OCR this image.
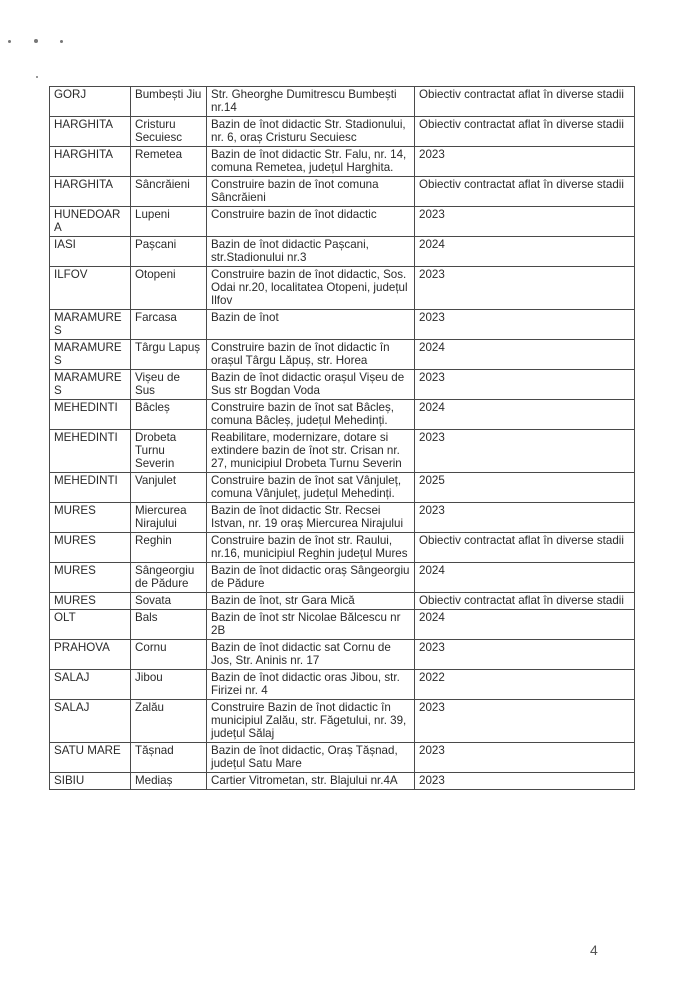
GORJ	Bumbești Jiu	Str. Gheorghe Dumitrescu Bumbești nr.14	Obiectiv contractat aflat în diverse stadii
HARGHITA	Cristuru Secuiesc	Bazin de înot didactic Str. Stadionului, nr. 6, oraș Cristuru Secuiesc	Obiectiv contractat aflat în diverse stadii
HARGHITA	Remetea	Bazin de înot didactic Str. Falu, nr. 14, comuna Remetea, județul Harghita.	2023
HARGHITA	Sâncrăieni	Construire bazin de înot comuna Sâncrăieni	Obiectiv contractat aflat în diverse stadii
HUNEDOARA	Lupeni	Construire bazin de înot didactic	2023
IASI	Pașcani	Bazin de înot didactic Pașcani, str.Stadionului nr.3	2024
ILFOV	Otopeni	Construire bazin de înot didactic, Sos. Odai nr.20, localitatea Otopeni, județul Ilfov	2023
MARAMURES	Farcasa	Bazin de înot	2023
MARAMURES	Târgu Lapuș	Construire bazin de înot didactic în orașul Târgu Lăpuș, str. Horea	2024
MARAMURES	Vișeu de Sus	Bazin de înot didactic orașul Vișeu de Sus str Bogdan Voda	2023
MEHEDINTI	Bâcleș	Construire bazin de înot sat Bâcleș, comuna Bâcleș, județul Mehedinți.	2024
MEHEDINTI	Drobeta Turnu Severin	Reabilitare, modernizare, dotare si extindere bazin de înot str. Crisan nr. 27, municipiul Drobeta Turnu Severin	2023
MEHEDINTI	Vanjulet	Construire bazin de înot sat Vânjuleț, comuna Vânjuleț, județul Mehedinți.	2025
MURES	Miercurea Nirajului	Bazin de înot didactic Str. Recsei Istvan, nr. 19 oraș Miercurea Nirajului	2023
MURES	Reghin	Construire bazin de înot str. Raului, nr.16, municipiul Reghin județul Mures	Obiectiv contractat aflat în diverse stadii
MURES	Sângeorgiu de Pădure	Bazin de înot didactic oraș Sângeorgiu de Pădure	2024
MURES	Sovata	Bazin de înot, str Gara Mică	Obiectiv contractat aflat în diverse stadii
OLT	Bals	Bazin de înot str Nicolae Bălcescu nr 2B	2024
PRAHOVA	Cornu	Bazin de înot didactic sat Cornu de Jos, Str. Aninis nr. 17	2023
SALAJ	Jibou	Bazin de înot didactic oras Jibou, str. Firizei nr. 4	2022
SALAJ	Zalău	Construire Bazin de înot didactic în municipiul Zalău, str. Făgetului, nr. 39, județul Sălaj	2023
SATU MARE	Tășnad	Bazin de înot didactic, Oraș Tășnad, județul Satu Mare	2023
SIBIU	Mediaș	Cartier Vitrometan, str. Blajului nr.4A	2023
4
